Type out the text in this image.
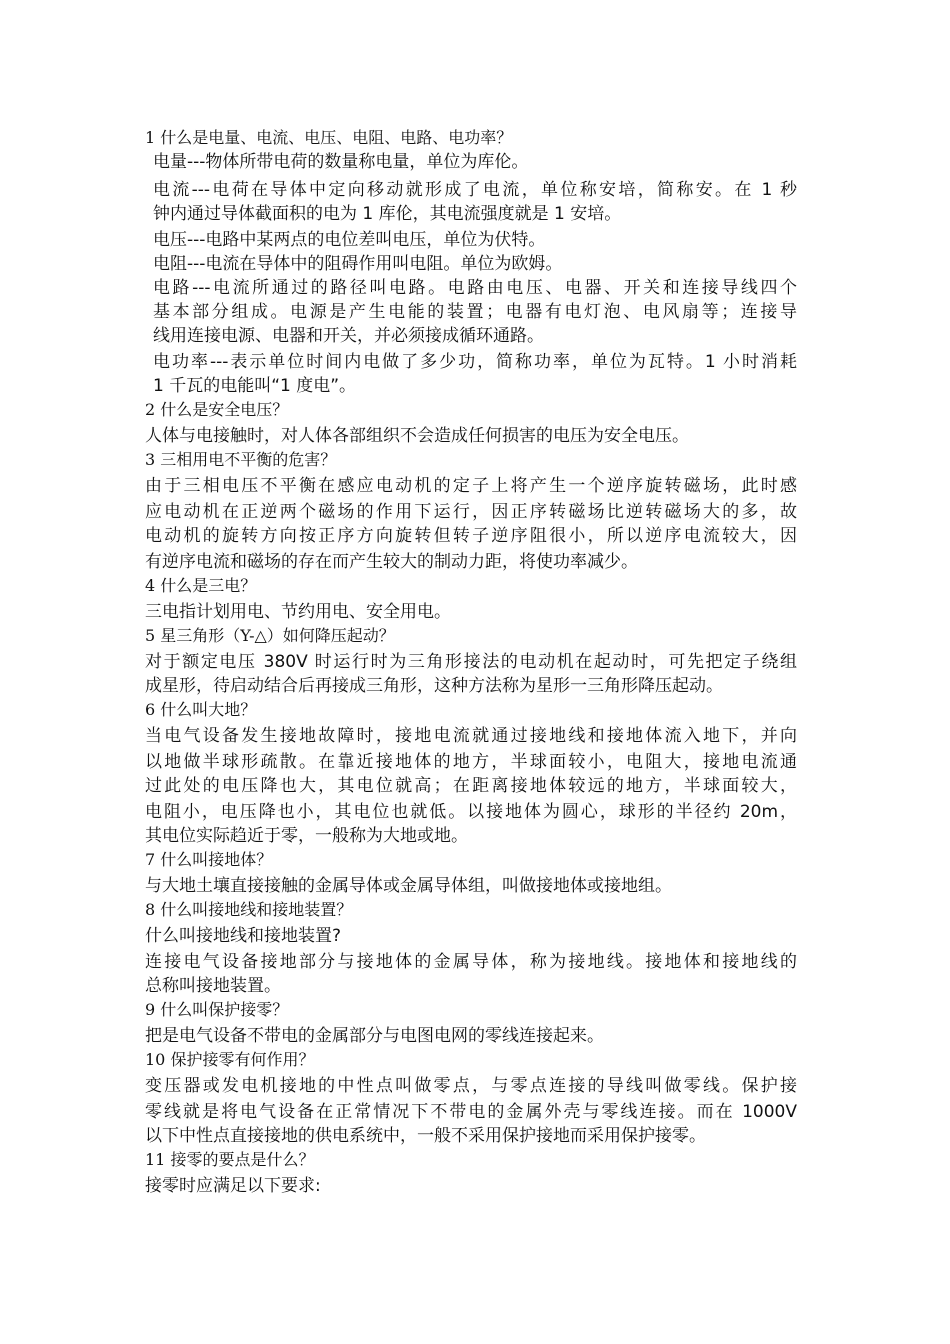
1 什么是电量、电流、电压、电阻、电路、电功率？
电量---物体所带电荷的数量称电量，单位为库伦。
电流---电荷在导体中定向移动就形成了电流，单位称安培，简称安。在 1 秒
钟内通过导体截面积的电为 1 库伦，其电流强度就是 1 安培。
电压---电路中某两点的电位差叫电压，单位为伏特。
电阻---电流在导体中的阻碍作用叫电阻。单位为欧姆。
电路---电流所通过的路径叫电路。电路由电压、电器、开关和连接导线四个
基本部分组成。电源是产生电能的装置；电器有电灯泡、电风扇等；连接导
线用连接电源、电器和开关，并必须接成循环通路。
电功率---表示单位时间内电做了多少功，简称功率，单位为瓦特。1 小时消耗
1 千瓦的电能叫“1 度电”。
2 什么是安全电压？
人体与电接触时，对人体各部组织不会造成任何损害的电压为安全电压。
3 三相用电不平衡的危害？
由于三相电压不平衡在感应电动机的定子上将产生一个逆序旋转磁场，此时感
应电动机在正逆两个磁场的作用下运行，因正序转磁场比逆转磁场大的多，故
电动机的旋转方向按正序方向旋转但转子逆序阻很小，所以逆序电流较大，因
有逆序电流和磁场的存在而产生较大的制动力距，将使功率减少。
4 什么是三电？
三电指计划用电、节约用电、安全用电。
5 星三角形（Y-△）如何降压起动？
对于额定电压 380V 时运行时为三角形接法的电动机在起动时，可先把定子绕组
成星形，待启动结合后再接成三角形，这种方法称为星形一三角形降压起动。
6 什么叫大地？
当电气设备发生接地故障时，接地电流就通过接地线和接地体流入地下，并向
以地做半球形疏散。在靠近接地体的地方，半球面较小，电阻大，接地电流通
过此处的电压降也大，其电位就高；在距离接地体较远的地方，半球面较大，
电阻小，电压降也小，其电位也就低。以接地体为圆心，球形的半径约 20m，
其电位实际趋近于零，一般称为大地或地。
7 什么叫接地体？
与大地土壤直接接触的金属导体或金属导体组，叫做接地体或接地组。
8 什么叫接地线和接地装置？
什么叫接地线和接地装置?
连接电气设备接地部分与接地体的金属导体，称为接地线。接地体和接地线的
总称叫接地装置。
9 什么叫保护接零？
把是电气设备不带电的金属部分与电图电网的零线连接起来。
10 保护接零有何作用？
变压器或发电机接地的中性点叫做零点，与零点连接的导线叫做零线。保护接
零线就是将电气设备在正常情况下不带电的金属外壳与零线连接。而在 1000V
以下中性点直接接地的供电系统中，一般不采用保护接地而采用保护接零。
11 接零的要点是什么？
接零时应满足以下要求:
